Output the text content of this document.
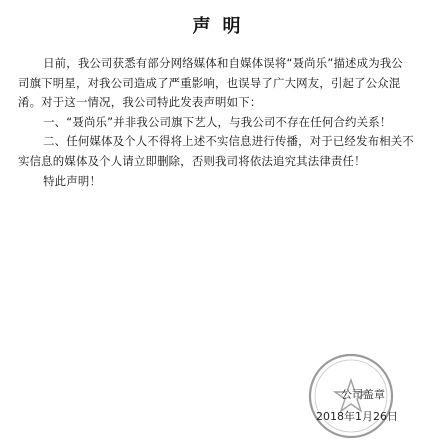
声明

日前，我公司获悉有部分网络媒体和自媒体误将“聂尚乐”描述成为我公司旗下明星，对我公司造成了严重影响，也误导了广大网友，引起了公众混淆。对于这一情况，我公司特此发表声明如下：

一、“聂尚乐”并非我公司旗下艺人，与我公司不存在任何合约关系！

二、任何媒体及个人不得将上述不实信息进行传播，对于已经发布相关不实信息的媒体及个人请立即删除，否则我司将依法追究其法律责任！

特此声明！

公司盖章
2018年1月26日
